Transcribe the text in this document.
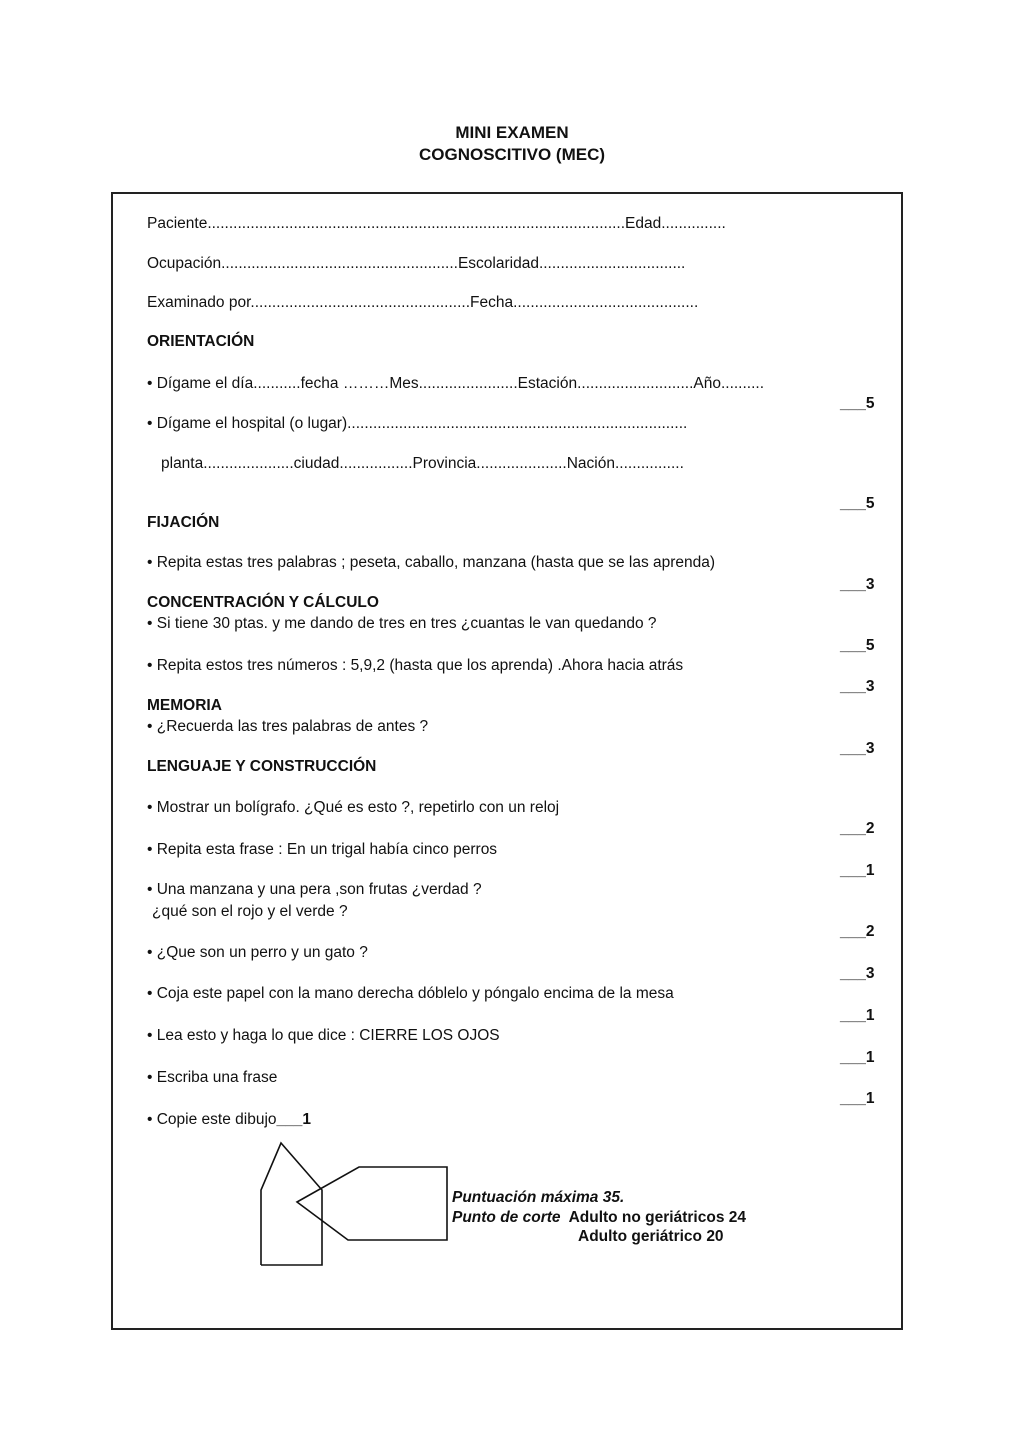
MINI EXAMEN
COGNOSCITIVO (MEC)
Paciente.................................................................................................Edad...............
Ocupación.......................................................Escolaridad..................................
Examinado por...................................................Fecha...........................................
ORIENTACIÓN
• Dígame el día...........fecha ………Mes.......................Estación...........................Año..........
• Dígame el hospital (o lugar)...............................................................................
planta.....................ciudad.................Provincia.....................Nación................
FIJACIÓN
• Repita estas tres palabras ; peseta, caballo, manzana (hasta que se las aprenda)
CONCENTRACIÓN Y CÁLCULO
• Si tiene 30 ptas. y me dando de tres en tres ¿cuantas le van quedando ?
• Repita estos tres números : 5,9,2 (hasta que los aprenda) .Ahora hacia atrás
MEMORIA
• ¿Recuerda las tres palabras de antes ?
LENGUAJE Y CONSTRUCCIÓN
• Mostrar un bolígrafo. ¿Qué es esto ?, repetirlo con un reloj
• Repita esta frase : En un trigal había cinco perros
• Una manzana y una pera ,son frutas ¿verdad ?
¿qué son el rojo y el verde ?
• ¿Que son un perro y un gato ?
• Coja este papel con la mano derecha dóblelo y póngalo encima de la mesa
• Lea esto y haga lo que dice : CIERRE LOS OJOS
• Escriba una frase
• Copie este dibujo___1
___5
___5
___3
___5
___3
___3
___2
___1
___2
___3
___1
___1
___1
Puntuación máxima 35.
Punto de corte Adulto no geriátricos 24
Adulto geriátrico 20
